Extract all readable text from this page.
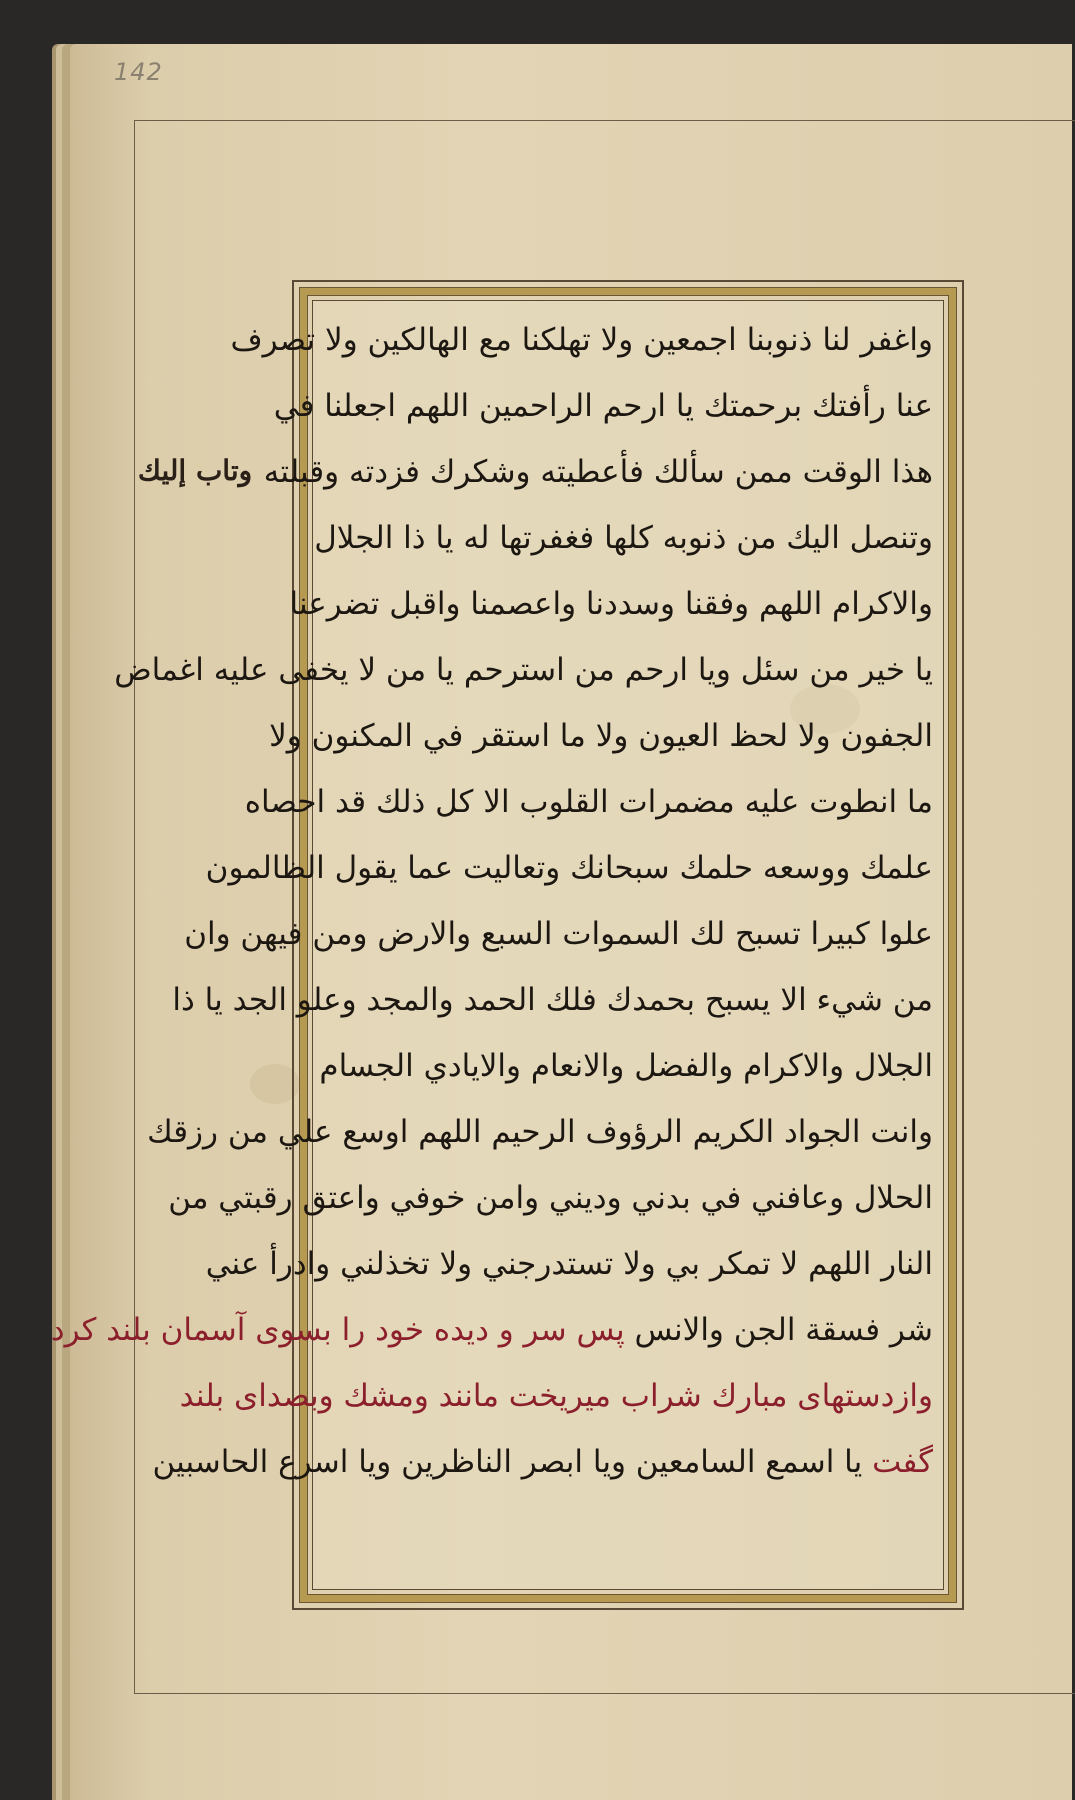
142
وتاب إليك
واغفر لنا ذنوبنا اجمعين ولا تهلكنا مع الهالكين ولا تصرف
عنا رأفتك برحمتك يا ارحم الراحمين اللهم اجعلنا في
هذا الوقت ممن سألك فأعطيته وشكرك فزدته وقبلته
وتنصل اليك من ذنوبه كلها فغفرتها له يا ذا الجلال
والاكرام اللهم وفقنا وسددنا واعصمنا واقبل تضرعنا
يا خير من سئل ويا ارحم من استرحم يا من لا يخفى عليه اغماض
الجفون ولا لحظ العيون ولا ما استقر في المكنون ولا
ما انطوت عليه مضمرات القلوب الا كل ذلك قد احصاه
علمك ووسعه حلمك سبحانك وتعاليت عما يقول الظالمون
علوا كبيرا تسبح لك السموات السبع والارض ومن فيهن وان
من شيء الا يسبح بحمدك فلك الحمد والمجد وعلو الجد يا ذا
الجلال والاكرام والفضل والانعام والايادي الجسام
وانت الجواد الكريم الرؤوف الرحيم اللهم اوسع علي من رزقك
الحلال وعافني في بدني وديني وامن خوفي واعتق رقبتي من
النار اللهم لا تمكر بي ولا تستدرجني ولا تخذلني وادرأ عني
شر فسقة الجن والانس پس سر و ديده خود را بسوى آسمان بلند كرد
وازدستهاى مبارك شراب ميريخت مانند ومشك وبصداى بلند
گفت يا اسمع السامعين ويا ابصر الناظرين ويا اسرع الحاسبين
